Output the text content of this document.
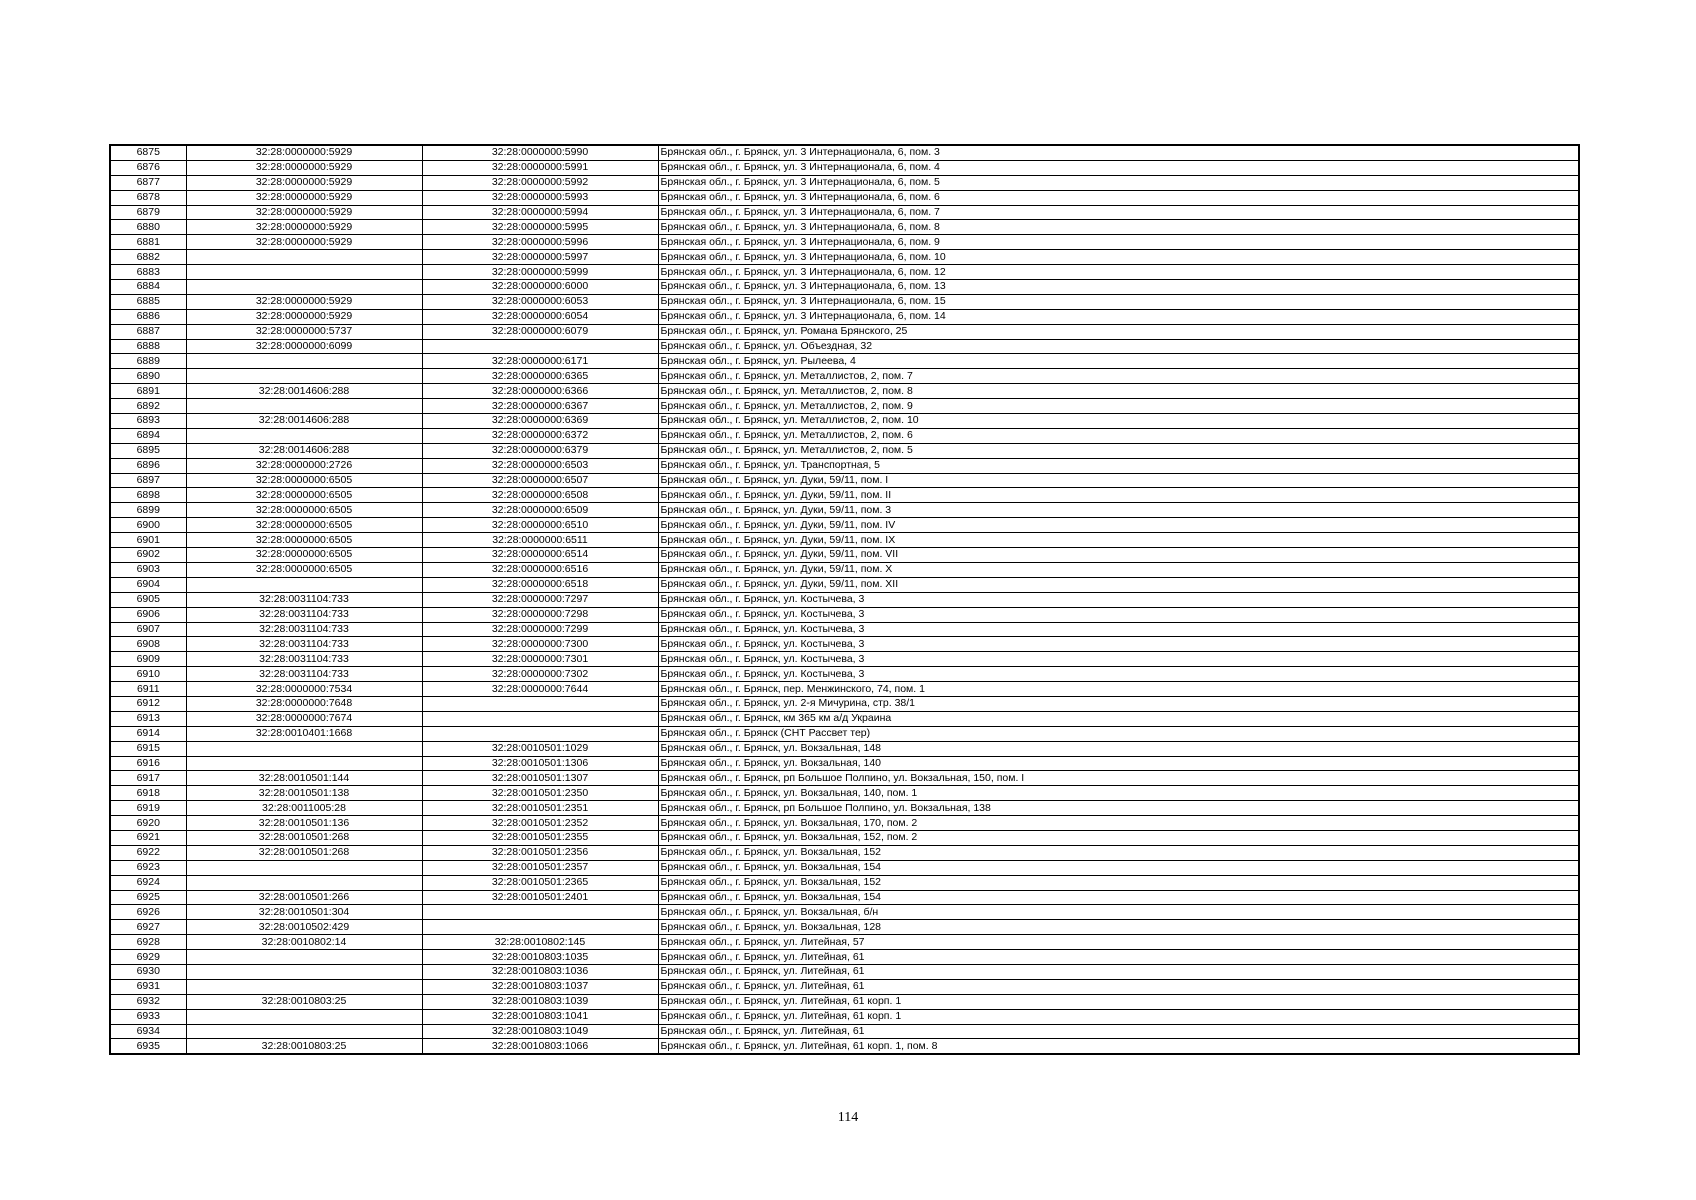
6875	32:28:0000000:5929	32:28:0000000:5990	Брянская обл., г. Брянск, ул. 3 Интернационала, 6, пом. 3
6876	32:28:0000000:5929	32:28:0000000:5991	Брянская обл., г. Брянск, ул. 3 Интернационала, 6, пом. 4
6877	32:28:0000000:5929	32:28:0000000:5992	Брянская обл., г. Брянск, ул. 3 Интернационала, 6, пом. 5
6878	32:28:0000000:5929	32:28:0000000:5993	Брянская обл., г. Брянск, ул. 3 Интернационала, 6, пом. 6
6879	32:28:0000000:5929	32:28:0000000:5994	Брянская обл., г. Брянск, ул. 3 Интернационала, 6, пом. 7
6880	32:28:0000000:5929	32:28:0000000:5995	Брянская обл., г. Брянск, ул. 3 Интернационала, 6, пом. 8
6881	32:28:0000000:5929	32:28:0000000:5996	Брянская обл., г. Брянск, ул. 3 Интернационала, 6, пом. 9
6882		32:28:0000000:5997	Брянская обл., г. Брянск, ул. 3 Интернационала, 6, пом. 10
6883		32:28:0000000:5999	Брянская обл., г. Брянск, ул. 3 Интернационала, 6, пом. 12
6884		32:28:0000000:6000	Брянская обл., г. Брянск, ул. 3 Интернационала, 6, пом. 13
6885	32:28:0000000:5929	32:28:0000000:6053	Брянская обл., г. Брянск, ул. 3 Интернационала, 6, пом. 15
6886	32:28:0000000:5929	32:28:0000000:6054	Брянская обл., г. Брянск, ул. 3 Интернационала, 6, пом. 14
6887	32:28:0000000:5737	32:28:0000000:6079	Брянская обл., г. Брянск, ул. Романа Брянского, 25
6888	32:28:0000000:6099		Брянская обл., г. Брянск, ул. Объездная, 32
6889		32:28:0000000:6171	Брянская обл., г. Брянск, ул. Рылеева, 4
6890		32:28:0000000:6365	Брянская обл., г. Брянск, ул. Металлистов, 2, пом. 7
6891	32:28:0014606:288	32:28:0000000:6366	Брянская обл., г. Брянск, ул. Металлистов, 2, пом. 8
6892		32:28:0000000:6367	Брянская обл., г. Брянск, ул. Металлистов, 2, пом. 9
6893	32:28:0014606:288	32:28:0000000:6369	Брянская обл., г. Брянск, ул. Металлистов, 2, пом. 10
6894		32:28:0000000:6372	Брянская обл., г. Брянск, ул. Металлистов, 2, пом. 6
6895	32:28:0014606:288	32:28:0000000:6379	Брянская обл., г. Брянск, ул. Металлистов, 2, пом. 5
6896	32:28:0000000:2726	32:28:0000000:6503	Брянская обл., г. Брянск, ул. Транспортная, 5
6897	32:28:0000000:6505	32:28:0000000:6507	Брянская обл., г. Брянск, ул. Дуки, 59/11, пом. I
6898	32:28:0000000:6505	32:28:0000000:6508	Брянская обл., г. Брянск, ул. Дуки, 59/11, пом. II
6899	32:28:0000000:6505	32:28:0000000:6509	Брянская обл., г. Брянск, ул. Дуки, 59/11, пом. 3
6900	32:28:0000000:6505	32:28:0000000:6510	Брянская обл., г. Брянск, ул. Дуки, 59/11, пом. IV
6901	32:28:0000000:6505	32:28:0000000:6511	Брянская обл., г. Брянск, ул. Дуки, 59/11, пом. IX
6902	32:28:0000000:6505	32:28:0000000:6514	Брянская обл., г. Брянск, ул. Дуки, 59/11, пом. VII
6903	32:28:0000000:6505	32:28:0000000:6516	Брянская обл., г. Брянск, ул. Дуки, 59/11, пом. X
6904		32:28:0000000:6518	Брянская обл., г. Брянск, ул. Дуки, 59/11, пом. XII
6905	32:28:0031104:733	32:28:0000000:7297	Брянская обл., г. Брянск, ул. Костычева, 3
6906	32:28:0031104:733	32:28:0000000:7298	Брянская обл., г. Брянск, ул. Костычева, 3
6907	32:28:0031104:733	32:28:0000000:7299	Брянская обл., г. Брянск, ул. Костычева, 3
6908	32:28:0031104:733	32:28:0000000:7300	Брянская обл., г. Брянск, ул. Костычева, 3
6909	32:28:0031104:733	32:28:0000000:7301	Брянская обл., г. Брянск, ул. Костычева, 3
6910	32:28:0031104:733	32:28:0000000:7302	Брянская обл., г. Брянск, ул. Костычева, 3
6911	32:28:0000000:7534	32:28:0000000:7644	Брянская обл., г. Брянск, пер. Менжинского, 74, пом. 1
6912	32:28:0000000:7648		Брянская обл., г. Брянск, ул. 2-я Мичурина, стр. 38/1
6913	32:28:0000000:7674		Брянская обл., г. Брянск, км 365 км а/д Украина
6914	32:28:0010401:1668		Брянская обл., г. Брянск (СНТ Рассвет тер)
6915		32:28:0010501:1029	Брянская обл., г. Брянск, ул. Вокзальная, 148
6916		32:28:0010501:1306	Брянская обл., г. Брянск, ул. Вокзальная, 140
6917	32:28:0010501:144	32:28:0010501:1307	Брянская обл., г. Брянск, рп Большое Полпино, ул. Вокзальная, 150, пом. I
6918	32:28:0010501:138	32:28:0010501:2350	Брянская обл., г. Брянск, ул. Вокзальная, 140, пом. 1
6919	32:28:0011005:28	32:28:0010501:2351	Брянская обл., г. Брянск, рп Большое Полпино, ул. Вокзальная, 138
6920	32:28:0010501:136	32:28:0010501:2352	Брянская обл., г. Брянск, ул. Вокзальная, 170, пом. 2
6921	32:28:0010501:268	32:28:0010501:2355	Брянская обл., г. Брянск, ул. Вокзальная, 152, пом. 2
6922	32:28:0010501:268	32:28:0010501:2356	Брянская обл., г. Брянск, ул. Вокзальная, 152
6923		32:28:0010501:2357	Брянская обл., г. Брянск, ул. Вокзальная, 154
6924		32:28:0010501:2365	Брянская обл., г. Брянск, ул. Вокзальная, 152
6925	32:28:0010501:266	32:28:0010501:2401	Брянская обл., г. Брянск, ул. Вокзальная, 154
6926	32:28:0010501:304		Брянская обл., г. Брянск, ул. Вокзальная, б/н
6927	32:28:0010502:429		Брянская обл., г. Брянск, ул. Вокзальная, 128
6928	32:28:0010802:14	32:28:0010802:145	Брянская обл., г. Брянск, ул. Литейная, 57
6929		32:28:0010803:1035	Брянская обл., г. Брянск, ул. Литейная, 61
6930		32:28:0010803:1036	Брянская обл., г. Брянск, ул. Литейная, 61
6931		32:28:0010803:1037	Брянская обл., г. Брянск, ул. Литейная, 61
6932	32:28:0010803:25	32:28:0010803:1039	Брянская обл., г. Брянск, ул. Литейная, 61 корп. 1
6933		32:28:0010803:1041	Брянская обл., г. Брянск, ул. Литейная, 61 корп. 1
6934		32:28:0010803:1049	Брянская обл., г. Брянск, ул. Литейная, 61
6935	32:28:0010803:25	32:28:0010803:1066	Брянская обл., г. Брянск, ул. Литейная, 61 корп. 1, пом. 8
114
